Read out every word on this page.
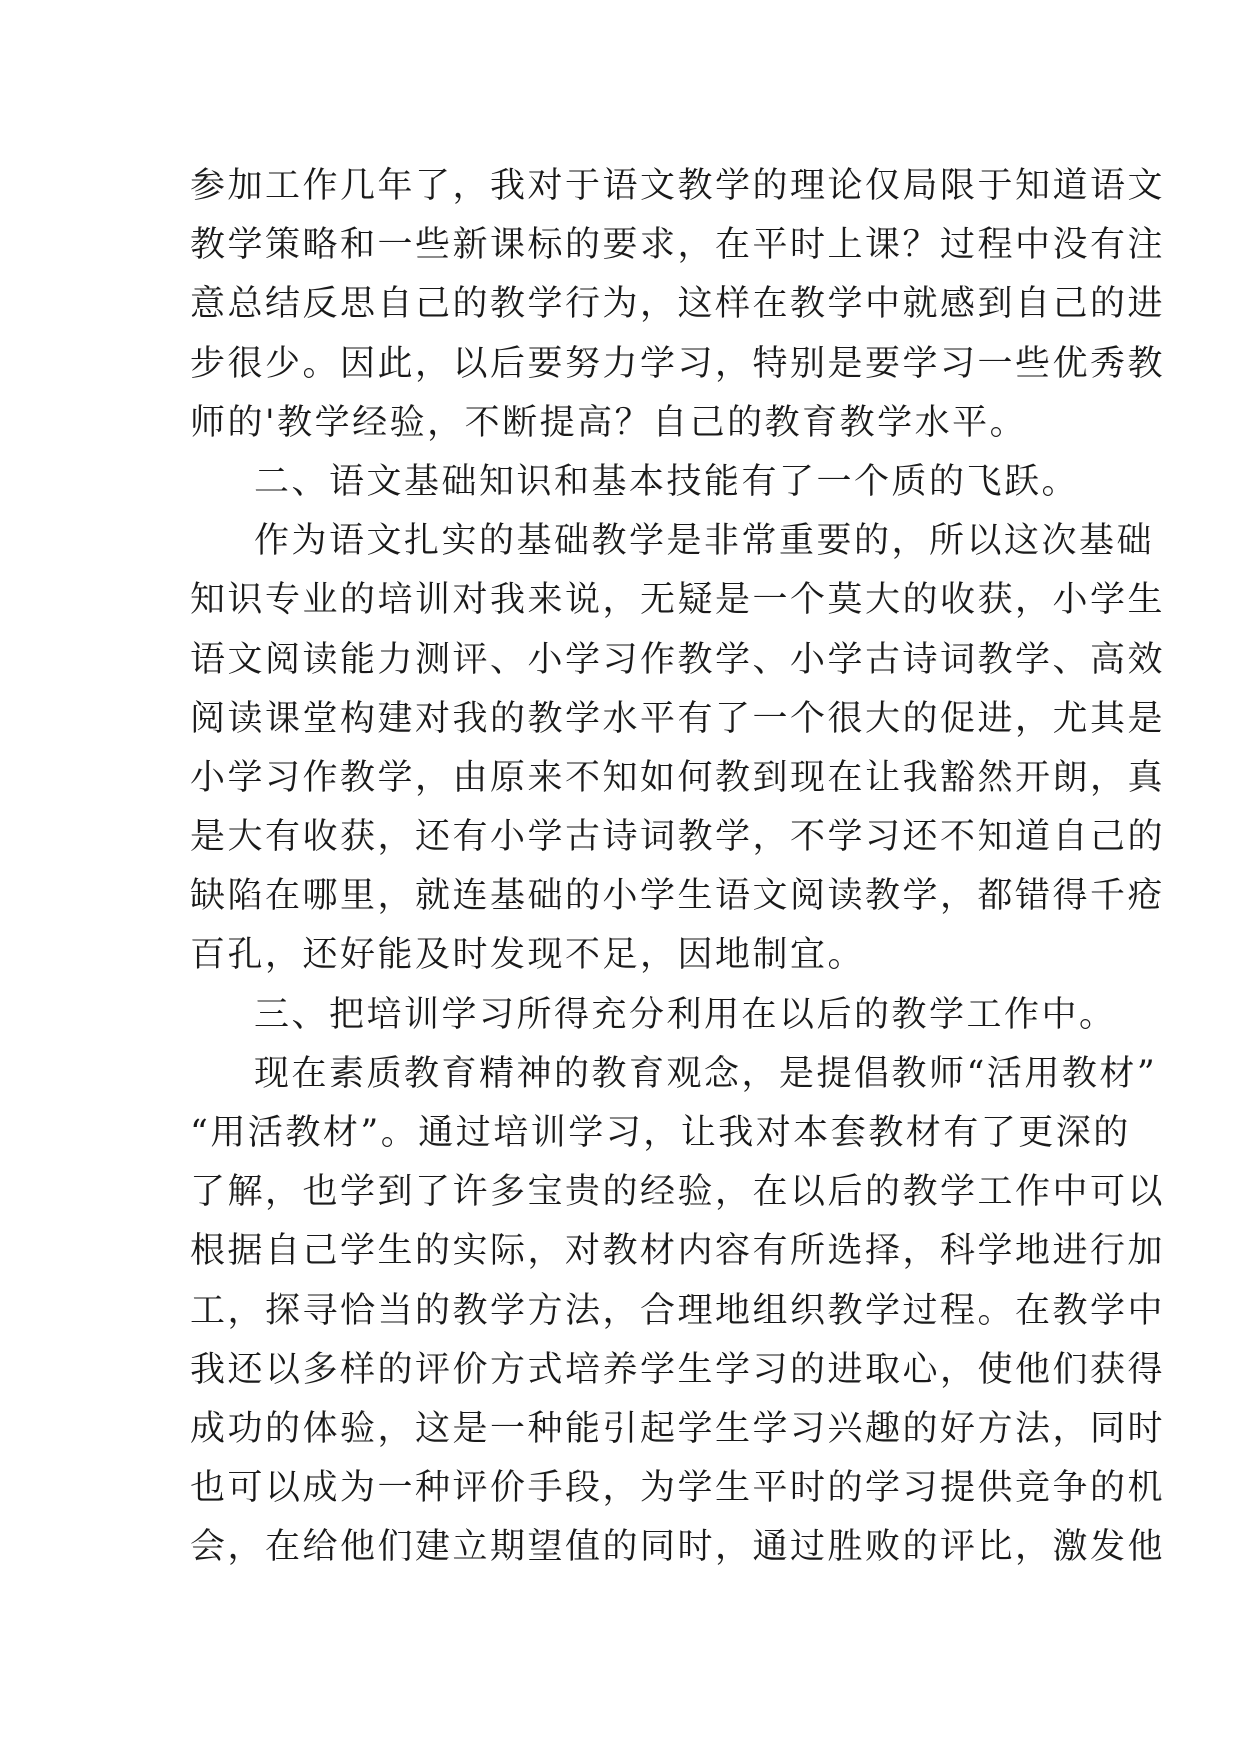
参加工作几年了，我对于语文教学的理论仅局限于知道语文
教学策略和一些新课标的要求，在平时上课？过程中没有注
意总结反思自己的教学行为，这样在教学中就感到自己的进
步很少。因此，以后要努力学习，特别是要学习一些优秀教
师的'教学经验，不断提高？自己的教育教学水平。
二、语文基础知识和基本技能有了一个质的飞跃。
作为语文扎实的基础教学是非常重要的，所以这次基础
知识专业的培训对我来说，无疑是一个莫大的收获，小学生
语文阅读能力测评、小学习作教学、小学古诗词教学、高效
阅读课堂构建对我的教学水平有了一个很大的促进，尤其是
小学习作教学，由原来不知如何教到现在让我豁然开朗，真
是大有收获，还有小学古诗词教学，不学习还不知道自己的
缺陷在哪里，就连基础的小学生语文阅读教学，都错得千疮
百孔，还好能及时发现不足，因地制宜。
三、把培训学习所得充分利用在以后的教学工作中。
现在素质教育精神的教育观念，是提倡教师“活用教材”
“用活教材”。通过培训学习，让我对本套教材有了更深的
了解，也学到了许多宝贵的经验，在以后的教学工作中可以
根据自己学生的实际，对教材内容有所选择，科学地进行加
工，探寻恰当的教学方法，合理地组织教学过程。在教学中
我还以多样的评价方式培养学生学习的进取心，使他们获得
成功的体验，这是一种能引起学生学习兴趣的好方法，同时
也可以成为一种评价手段，为学生平时的学习提供竞争的机
会，在给他们建立期望值的同时，通过胜败的评比，激发他
